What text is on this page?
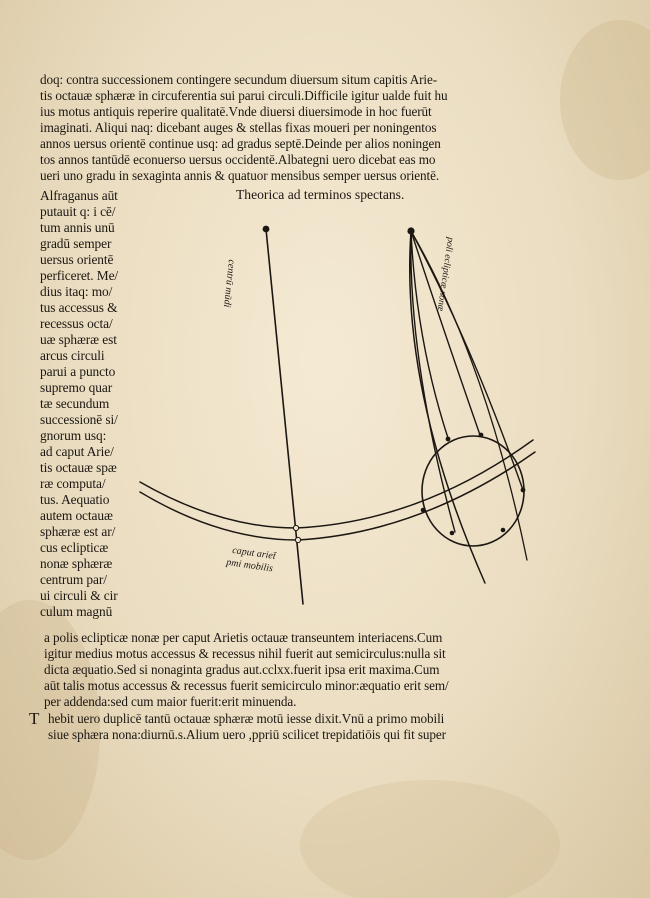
doq: contra successionem contingere secundum diuersum situm capitis Arie-
tis octauæ sphæræ in circuferentia sui parui circuli.Difficile igitur ualde fuit hu
ius motus antiquis reperire qualitatē.Vnde diuersi diuersimode in hoc fuerūt
imaginati. Aliqui naq: dicebant auges & stellas fixas moueri per noningentos
annos uersus orientē continue usq: ad gradus septē.Deinde per alios noningen
tos annos tantūdē econuerso uersus occidentē.Albategni uero dicebat eas mo
ueri uno gradu in sexaginta annis & quatuor mensibus semper uersus orientē.
Theorica ad terminos spectans.
Alfraganus aūt
putauit q: i cē/
tum annis unū
gradū semper
uersus orientē
perficeret. Me/
dius itaq: mo/
tus accessus &
recessus octa/
uæ sphæræ est
arcus circuli
parui a puncto
supremo quar
tæ secundum
successionē si/
gnorum usq:
ad caput Arie/
tis octauæ spæ
ræ computa/
tus. Aequatio
autem octauæ
sphæræ est ar/
cus eclipticæ
nonæ sphæræ
centrum par/
ui circuli & cir
culum magnū
centrū mūdi	poli eclipticæ nonæ
caput ariet̄
pmi mobilis
a polis eclipticæ nonæ per caput Arietis octauæ transeuntem interiacens.Cum
igitur medius motus accessus & recessus nihil fuerit aut semicirculus:nulla sit
dicta æquatio.Sed si nonaginta gradus aut.cclxx.fuerit ipsa erit maxima.Cum
aūt talis motus accessus & recessus fuerit semicirculo minor:æquatio erit sem/
per addenda:sed cum maior fuerit:erit minuenda.
T hebit uero duplicē tantū octauæ sphæræ motū iesse dixit.Vnū a primo mobili
siue sphæra nona:diurnū.s.Alium uero ,ppriū scilicet trepidatiōis qui fit super
